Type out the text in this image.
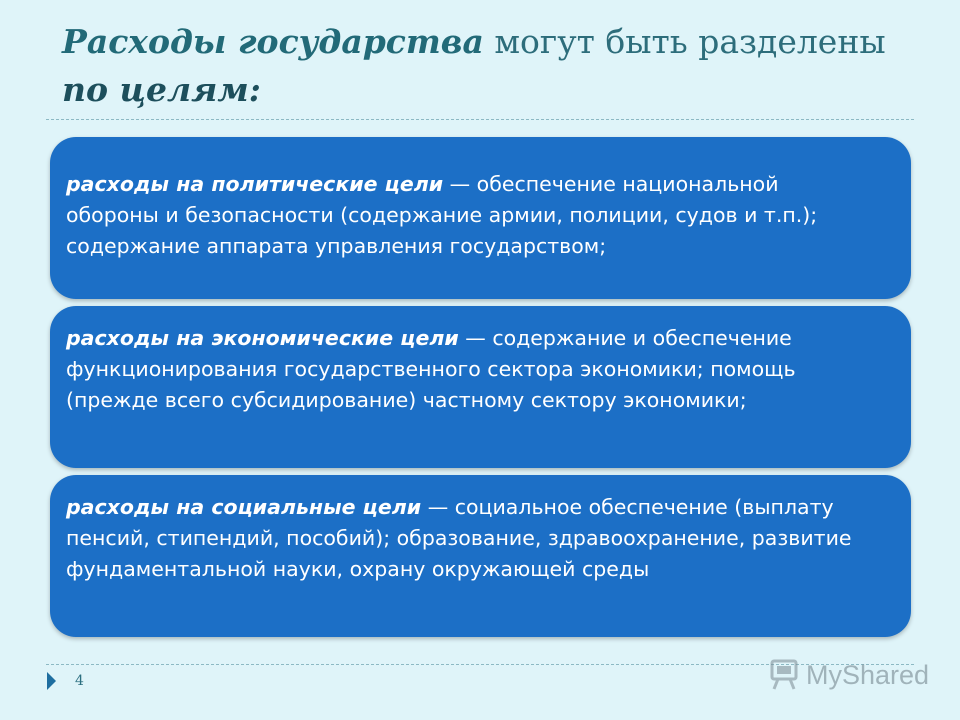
Расходы государства могут быть разделены по целям:
расходы на политические цели — обеспечение национальной обороны и безопасности (содержание армии, полиции, судов и т.п.); содержание аппарата управления государством;
расходы на экономические цели — содержание и обеспечение функционирования государственного сектора экономики; помощь (прежде всего субсидирование) частному сектору экономики;
расходы на социальные цели — социальное обеспечение (выплату пенсий, стипендий, пособий); образование, здравоохранение, развитие фундаментальной науки, охрану окружающей среды
4	MyShared
